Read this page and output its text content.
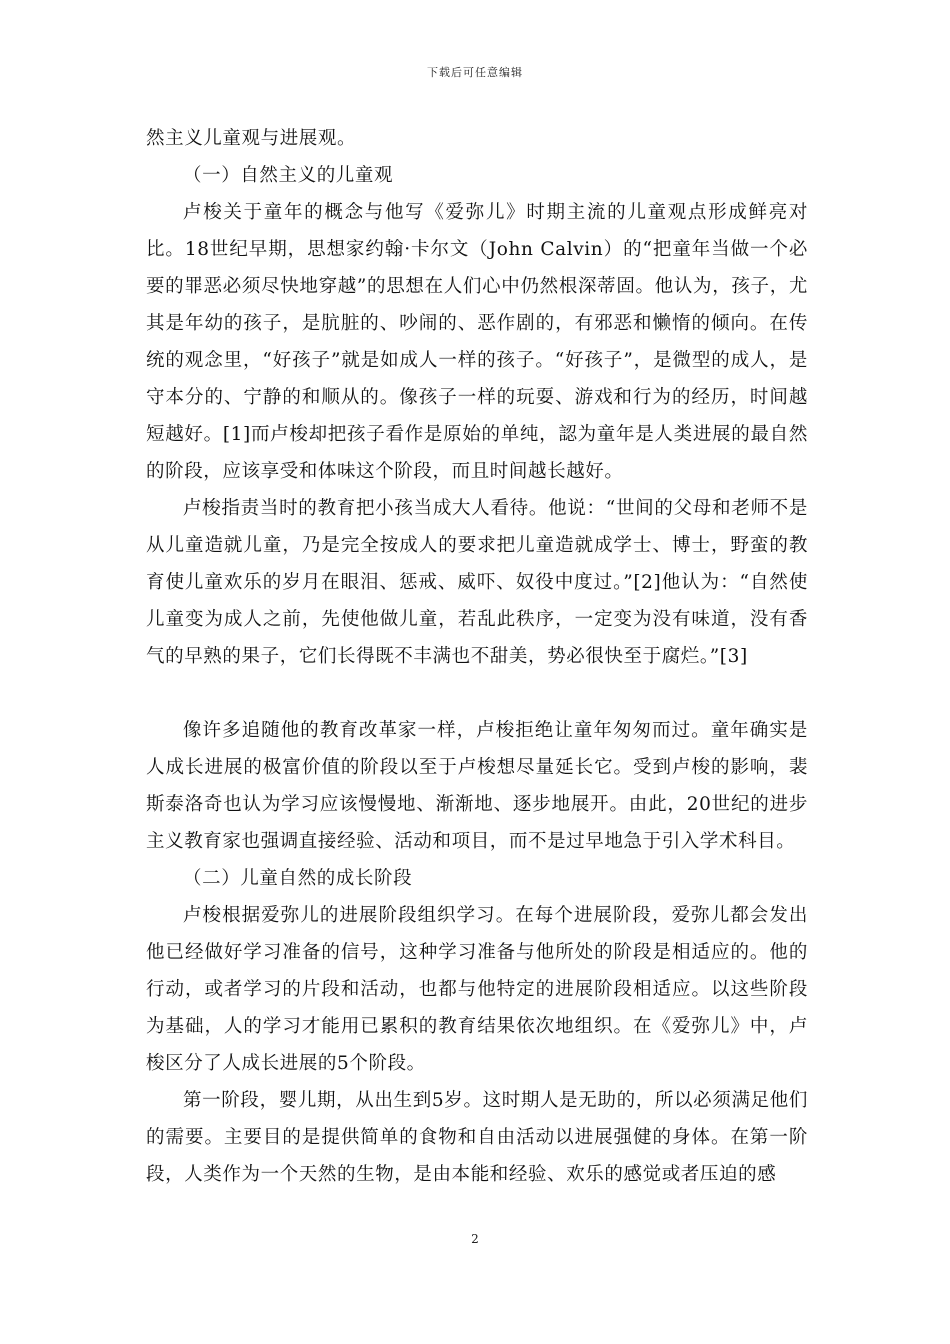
下载后可任意编辑

然主义儿童观与进展观。

（一）自然主义的儿童观

卢梭关于童年的概念与他写《爱弥儿》时期主流的儿童观点形成鲜亮对比。18世纪早期，思想家约翰·卡尔文（John Calvin）的“把童年当做一个必要的罪恶必须尽快地穿越”的思想在人们心中仍然根深蒂固。他认为，孩子，尤其是年幼的孩子，是肮脏的、吵闹的、恶作剧的，有邪恶和懒惰的倾向。在传统的观念里，“好孩子”就是如成人一样的孩子。“好孩子”，是微型的成人，是守本分的、宁静的和顺从的。像孩子一样的玩耍、游戏和行为的经历，时间越短越好。[1]而卢梭却把孩子看作是原始的单纯，認为童年是人类进展的最自然的阶段，应该享受和体味这个阶段，而且时间越长越好。

卢梭指责当时的教育把小孩当成大人看待。他说：“世间的父母和老师不是从儿童造就儿童，乃是完全按成人的要求把儿童造就成学士、博士，野蛮的教育使儿童欢乐的岁月在眼泪、惩戒、威吓、奴役中度过。”[2]他认为：“自然使儿童变为成人之前，先使他做儿童，若乱此秩序，一定变为没有味道，没有香气的早熟的果子，它们长得既不丰满也不甜美，势必很快至于腐烂。”[3]

像许多追随他的教育改革家一样，卢梭拒绝让童年匆匆而过。童年确实是人成长进展的极富价值的阶段以至于卢梭想尽量延长它。受到卢梭的影响，裴斯泰洛奇也认为学习应该慢慢地、渐渐地、逐步地展开。由此，20世纪的进步主义教育家也强调直接经验、活动和项目，而不是过早地急于引入学术科目。

（二）儿童自然的成长阶段

卢梭根据爱弥儿的进展阶段组织学习。在每个进展阶段，爱弥儿都会发出他已经做好学习准备的信号，这种学习准备与他所处的阶段是相适应的。他的行动，或者学习的片段和活动，也都与他特定的进展阶段相适应。以这些阶段为基础，人的学习才能用已累积的教育结果依次地组织。在《爱弥儿》中，卢梭区分了人成长进展的5个阶段。

第一阶段，婴儿期，从出生到5岁。这时期人是无助的，所以必须满足他们的需要。主要目的是提供简单的食物和自由活动以进展强健的身体。在第一阶段，人类作为一个天然的生物，是由本能和经验、欢乐的感觉或者压迫的感

2
